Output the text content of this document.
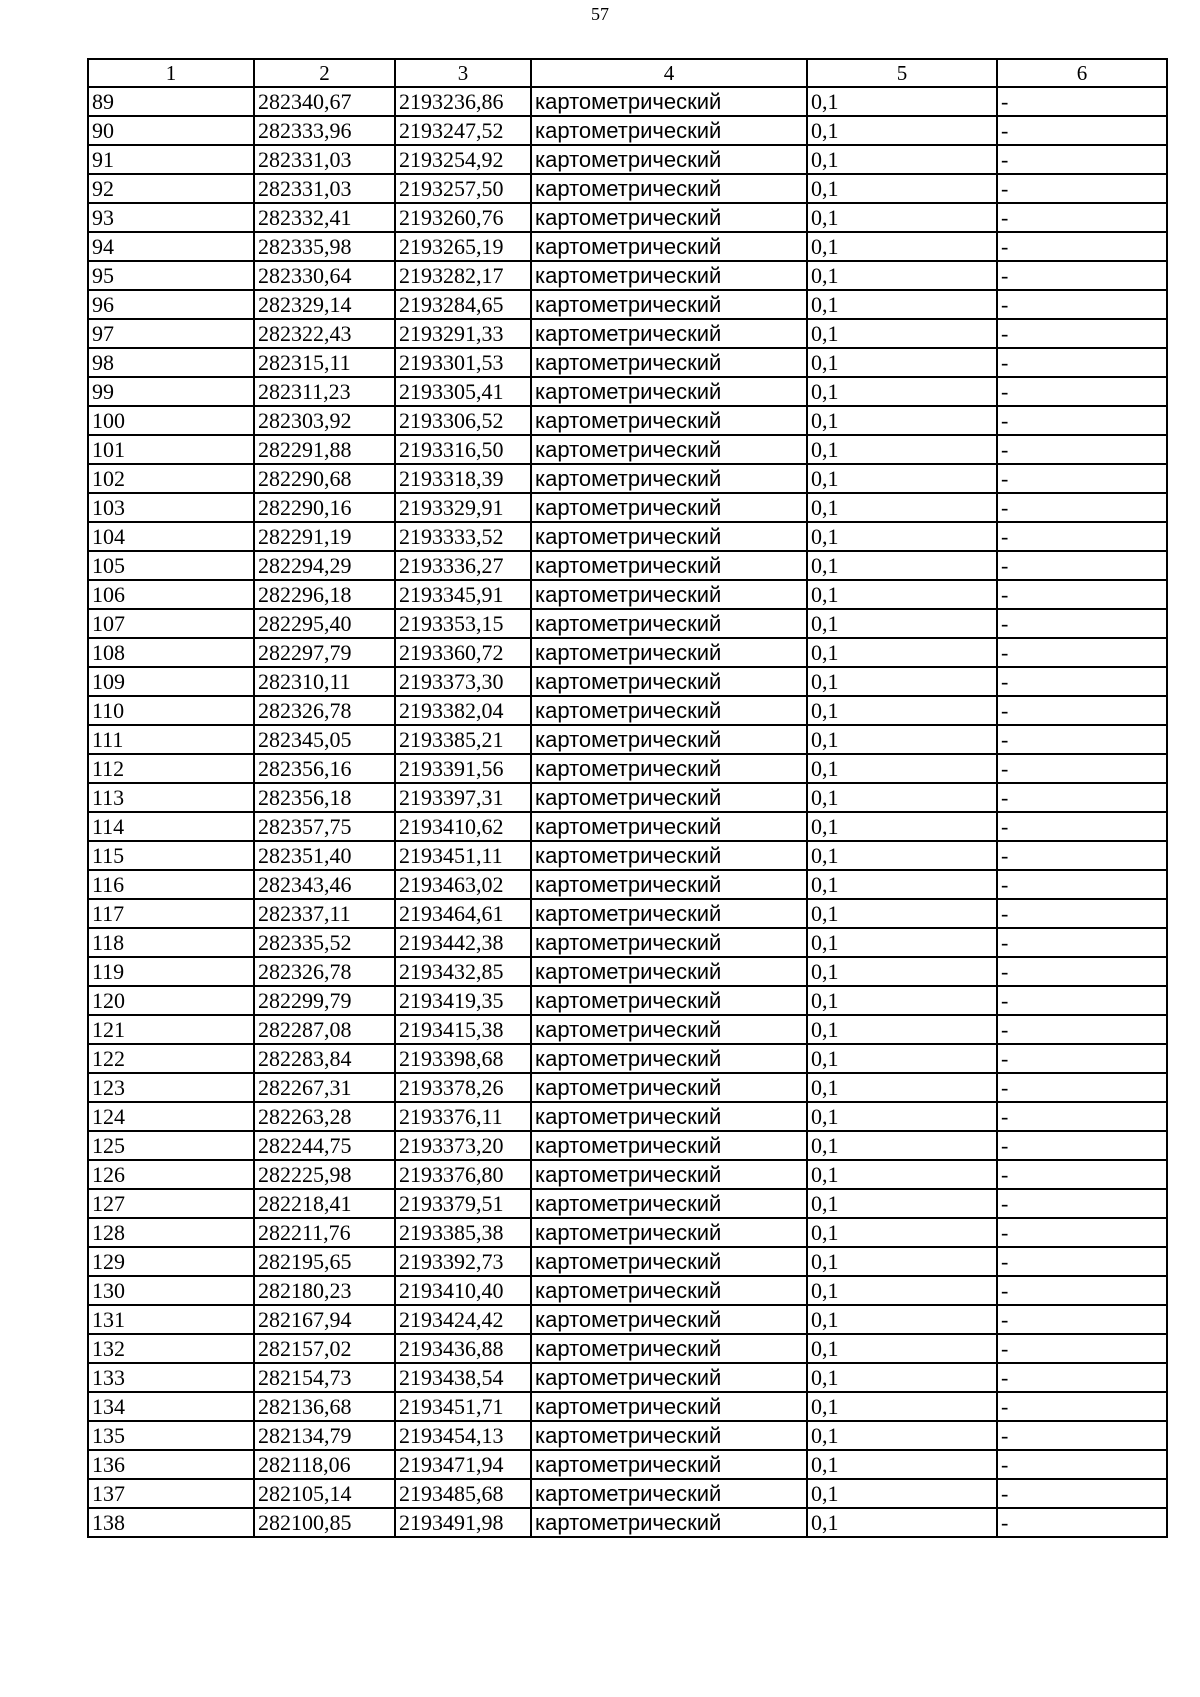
57
1	2	3	4	5	6
89	282340,67	2193236,86	картометрический	0,1	-
90	282333,96	2193247,52	картометрический	0,1	-
91	282331,03	2193254,92	картометрический	0,1	-
92	282331,03	2193257,50	картометрический	0,1	-
93	282332,41	2193260,76	картометрический	0,1	-
94	282335,98	2193265,19	картометрический	0,1	-
95	282330,64	2193282,17	картометрический	0,1	-
96	282329,14	2193284,65	картометрический	0,1	-
97	282322,43	2193291,33	картометрический	0,1	-
98	282315,11	2193301,53	картометрический	0,1	-
99	282311,23	2193305,41	картометрический	0,1	-
100	282303,92	2193306,52	картометрический	0,1	-
101	282291,88	2193316,50	картометрический	0,1	-
102	282290,68	2193318,39	картометрический	0,1	-
103	282290,16	2193329,91	картометрический	0,1	-
104	282291,19	2193333,52	картометрический	0,1	-
105	282294,29	2193336,27	картометрический	0,1	-
106	282296,18	2193345,91	картометрический	0,1	-
107	282295,40	2193353,15	картометрический	0,1	-
108	282297,79	2193360,72	картометрический	0,1	-
109	282310,11	2193373,30	картометрический	0,1	-
110	282326,78	2193382,04	картометрический	0,1	-
111	282345,05	2193385,21	картометрический	0,1	-
112	282356,16	2193391,56	картометрический	0,1	-
113	282356,18	2193397,31	картометрический	0,1	-
114	282357,75	2193410,62	картометрический	0,1	-
115	282351,40	2193451,11	картометрический	0,1	-
116	282343,46	2193463,02	картометрический	0,1	-
117	282337,11	2193464,61	картометрический	0,1	-
118	282335,52	2193442,38	картометрический	0,1	-
119	282326,78	2193432,85	картометрический	0,1	-
120	282299,79	2193419,35	картометрический	0,1	-
121	282287,08	2193415,38	картометрический	0,1	-
122	282283,84	2193398,68	картометрический	0,1	-
123	282267,31	2193378,26	картометрический	0,1	-
124	282263,28	2193376,11	картометрический	0,1	-
125	282244,75	2193373,20	картометрический	0,1	-
126	282225,98	2193376,80	картометрический	0,1	-
127	282218,41	2193379,51	картометрический	0,1	-
128	282211,76	2193385,38	картометрический	0,1	-
129	282195,65	2193392,73	картометрический	0,1	-
130	282180,23	2193410,40	картометрический	0,1	-
131	282167,94	2193424,42	картометрический	0,1	-
132	282157,02	2193436,88	картометрический	0,1	-
133	282154,73	2193438,54	картометрический	0,1	-
134	282136,68	2193451,71	картометрический	0,1	-
135	282134,79	2193454,13	картометрический	0,1	-
136	282118,06	2193471,94	картометрический	0,1	-
137	282105,14	2193485,68	картометрический	0,1	-
138	282100,85	2193491,98	картометрический	0,1	-
